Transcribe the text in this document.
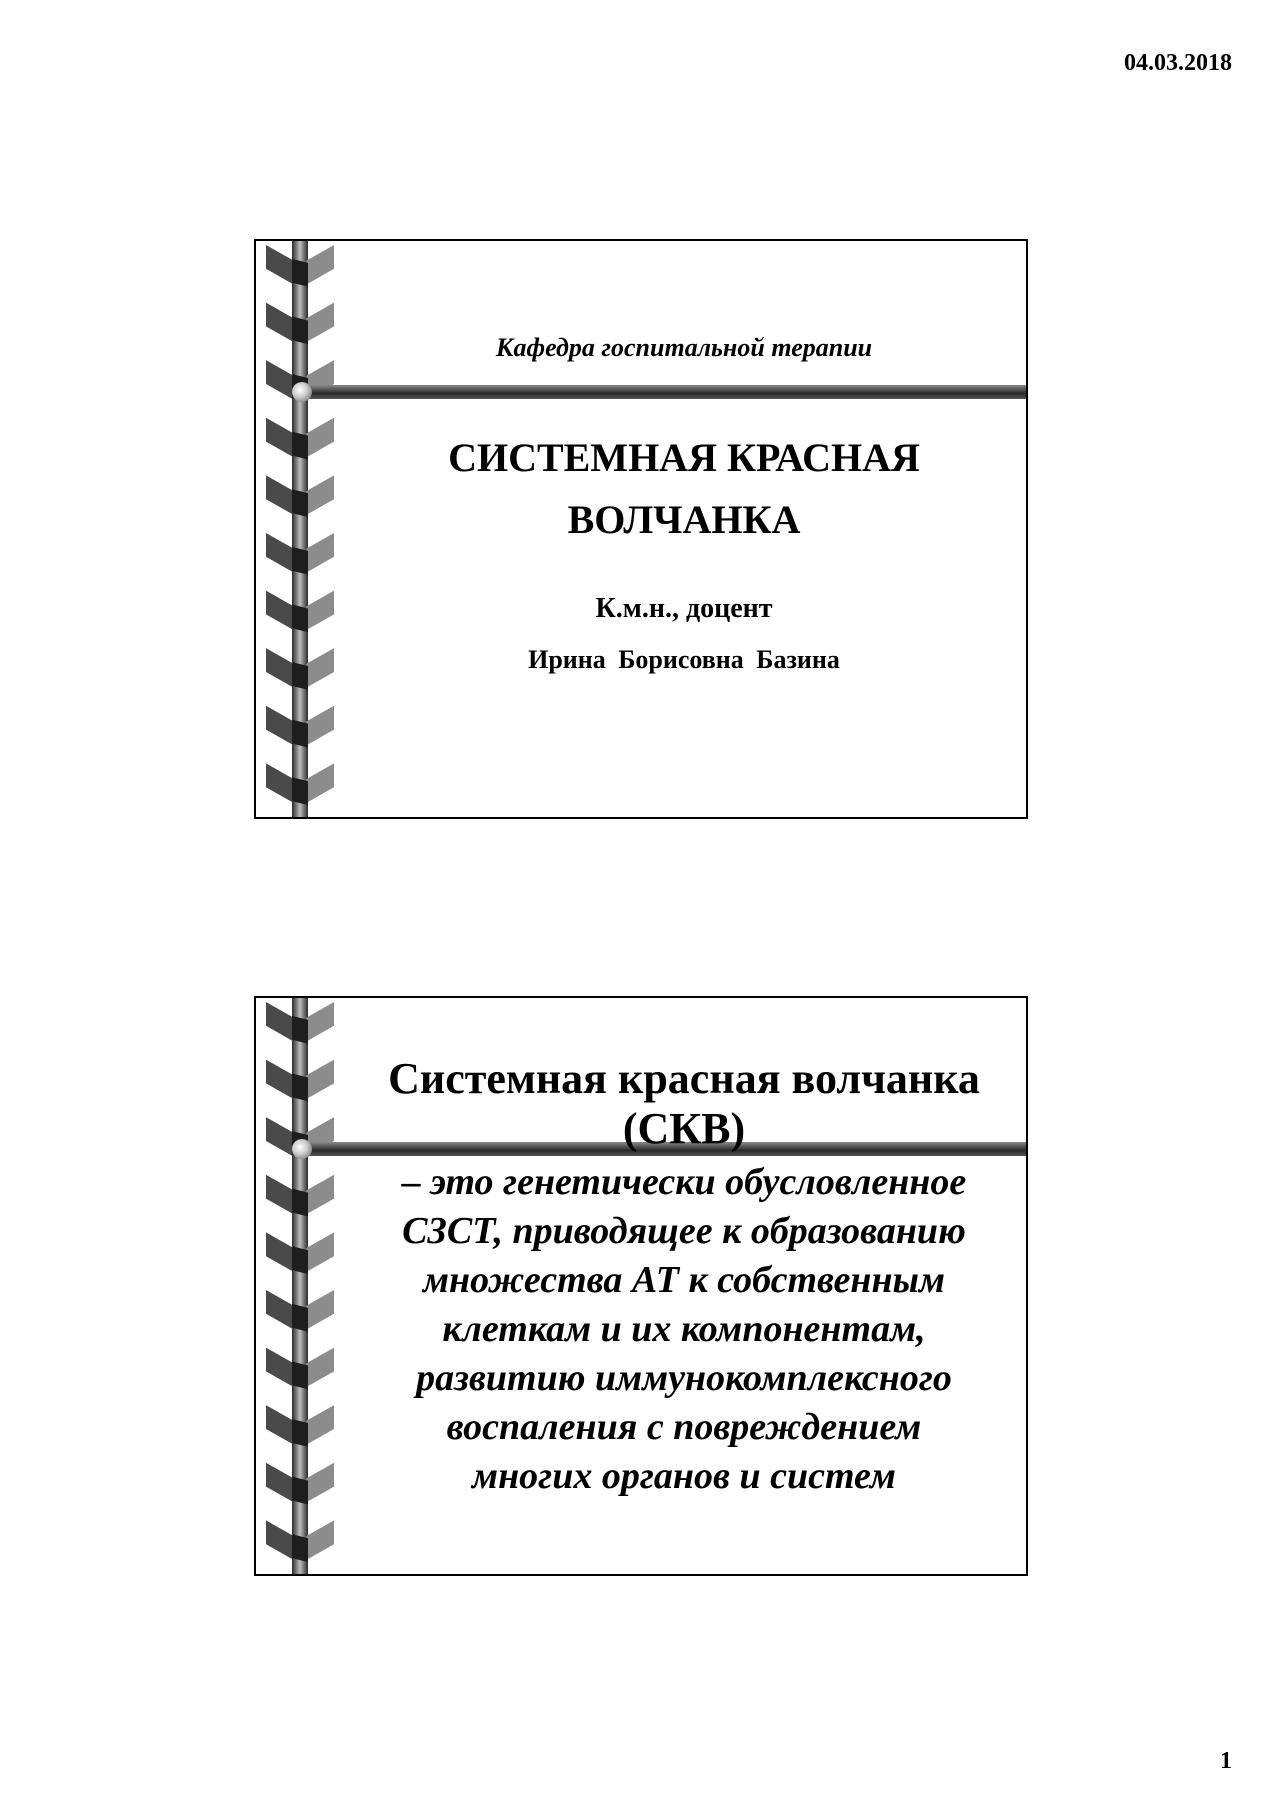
04.03.2018
Кафедра госпитальной терапии
СИСТЕМНАЯ КРАСНАЯ
ВОЛЧАНКА
К.м.н., доцент
Ирина Борисовна Базина
Системная красная волчанка
(СКВ)
– это генетически обусловленное
СЗСТ, приводящее к образованию
множества АТ к собственным
клеткам и их компонентам,
развитию иммунокомплексного
воспаления с повреждением
многих органов и систем
1
